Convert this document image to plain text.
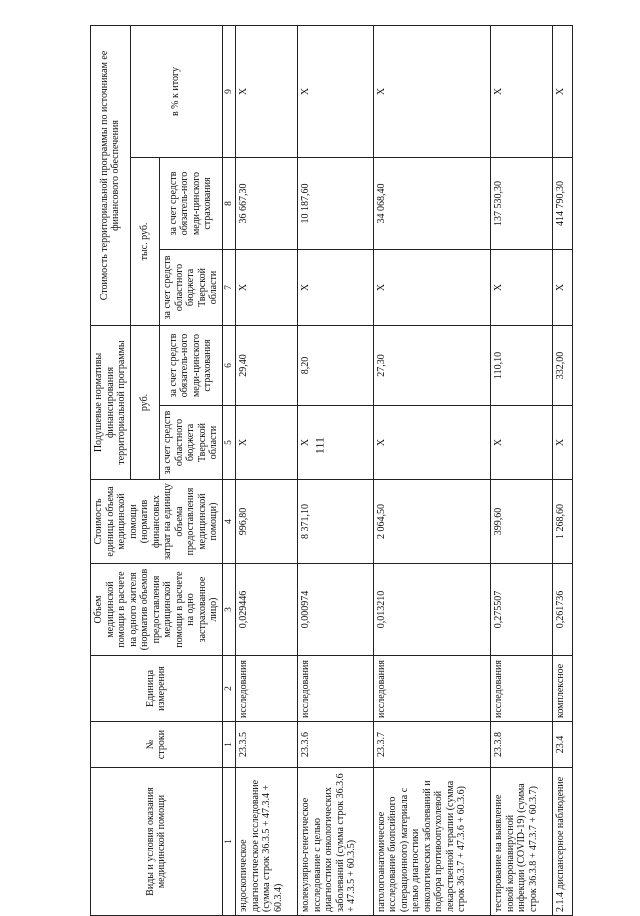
111
Виды и условия оказания медицинской помощи	№ строки	Единица измерения	Объем медицинской помощи в расчете на одного жителя (норматив объемов предоставления медицинской помощи в расчете на одно застрахованное лицо)	Стоимость единицы объема медицинской помощи (норматив финансовых затрат на единицу объема предоставления медицинской помощи)	Подушевые нормативы финансирования территориальной программы		Стоимость территориальной программы по источникам ее финансового обеспечения		
					руб.		тыс. руб.		в % к итогу
					за счет средств областного бюджета Тверской области	за счет средств обязатель-ного меди-цинского страхования	за счет средств областного бюджета Тверской области	за счет средств обязатель-ного меди-цинского страхования	
1	1	2	3	4	5	6	7	8	9
эндоскопическое диагностическое исследование (сумма строк 36.3.5 + 47.3.4 + 60.3.4)	23.3.5	исследования	0,029446	996,80	X	29,40	X	36 667,30	X
молекулярно-генетическое исследование с целью диагностики онкологических заболеваний (сумма строк 36.3.6 + 47.3.5 + 60.3.5)	23.3.6	исследования	0,000974	8 371,10	X	8,20	X	10 187,60	X
патологоанатомическое исследование биопсийного (операционного) материала с целью диагностики онкологических заболеваний и подбора противоопухолевой лекарственной терапии (сумма строк 36.3.7 + 47.3.6 + 60.3.6)	23.3.7	исследования	0,013210	2 064,50	X	27,30	X	34 068,40	X
тестирование на выявление новой коронавирусной инфекции (COVID-19) (сумма строк 36.3.8 + 47.3.7 + 60.3.7)	23.3.8	исследования	0,275507	399,60	X	110,10	X	137 530,30	X
2.1.4 диспансерное наблюдение	23.4	комплексное	0,261736	1 268,60	X	332,00	X	414 790,30	X
